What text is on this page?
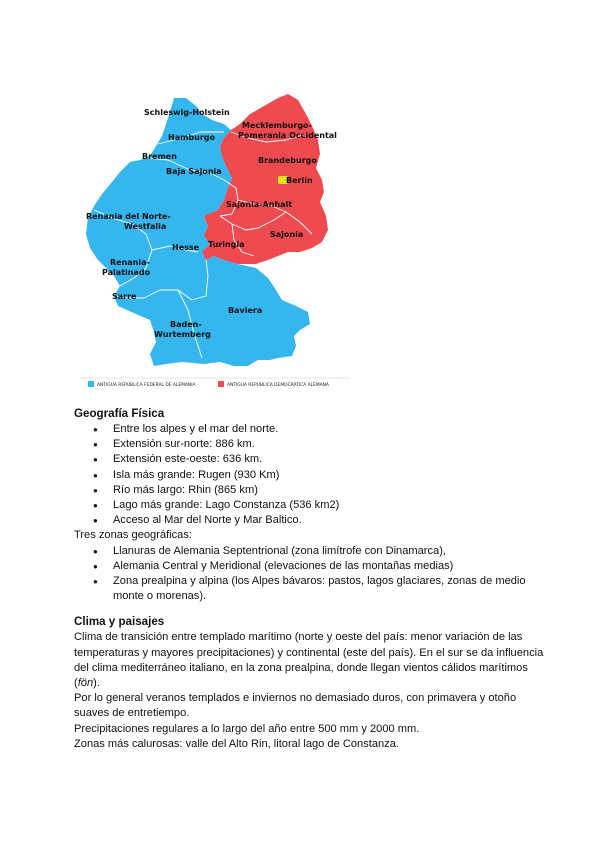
Schleswig-Holstein
Hamburgo
Bremen
Baja Sajonia
Renania del Norte-
Westfalia
Hesse
Renania-
Palatinado
Sarre
Baden-
Wurtemberg
Baviera
Mecklemburgo-
Pomerania Occidental
Brandeburgo
Berlín
Sajonia-Anhalt
Sajonia
Turingia
ANTIGUA REPÚBLICA FEDERAL DE ALEMANIA	ANTIGUA REPÚBLICA DEMOCRÁTICA ALEMANA
Geografía Física
● Entre los alpes y el mar del norte.
● Extensión sur-norte: 886 km.
● Extensión este-oeste: 636 km.
● Isla más grande: Rugen (930 Km)
● Río más largo: Rhin (865 km)
● Lago más grande: Lago Constanza (536 km2)
● Acceso al Mar del Norte y Mar Baltico.

Tres zonas geográficas:

● Llanuras de Alemania Septentrional (zona limítrofe con Dinamarca),
● Alemania Central y Meridional (elevaciones de las montañas medias)
● Zona prealpina y alpina (los Alpes bávaros: pastos, lagos glaciares, zonas de medio monte o morenas).
Clima y paisajes

Clima de transición entre templado marítimo (norte y oeste del país: menor variación de las temperaturas y mayores precipitaciones) y continental (este del país). En el sur se da influencia del clima mediterráneo italiano, en la zona prealpina, donde llegan vientos cálidos marítimos (fön).

Por lo general veranos templados e inviernos no demasiado duros, con primavera y otoño suaves de entretiempo.

Precipitaciones regulares a lo largo del año entre 500 mm y 2000 mm.

Zonas más calurosas: valle del Alto Rin, litoral lago de Constanza.
